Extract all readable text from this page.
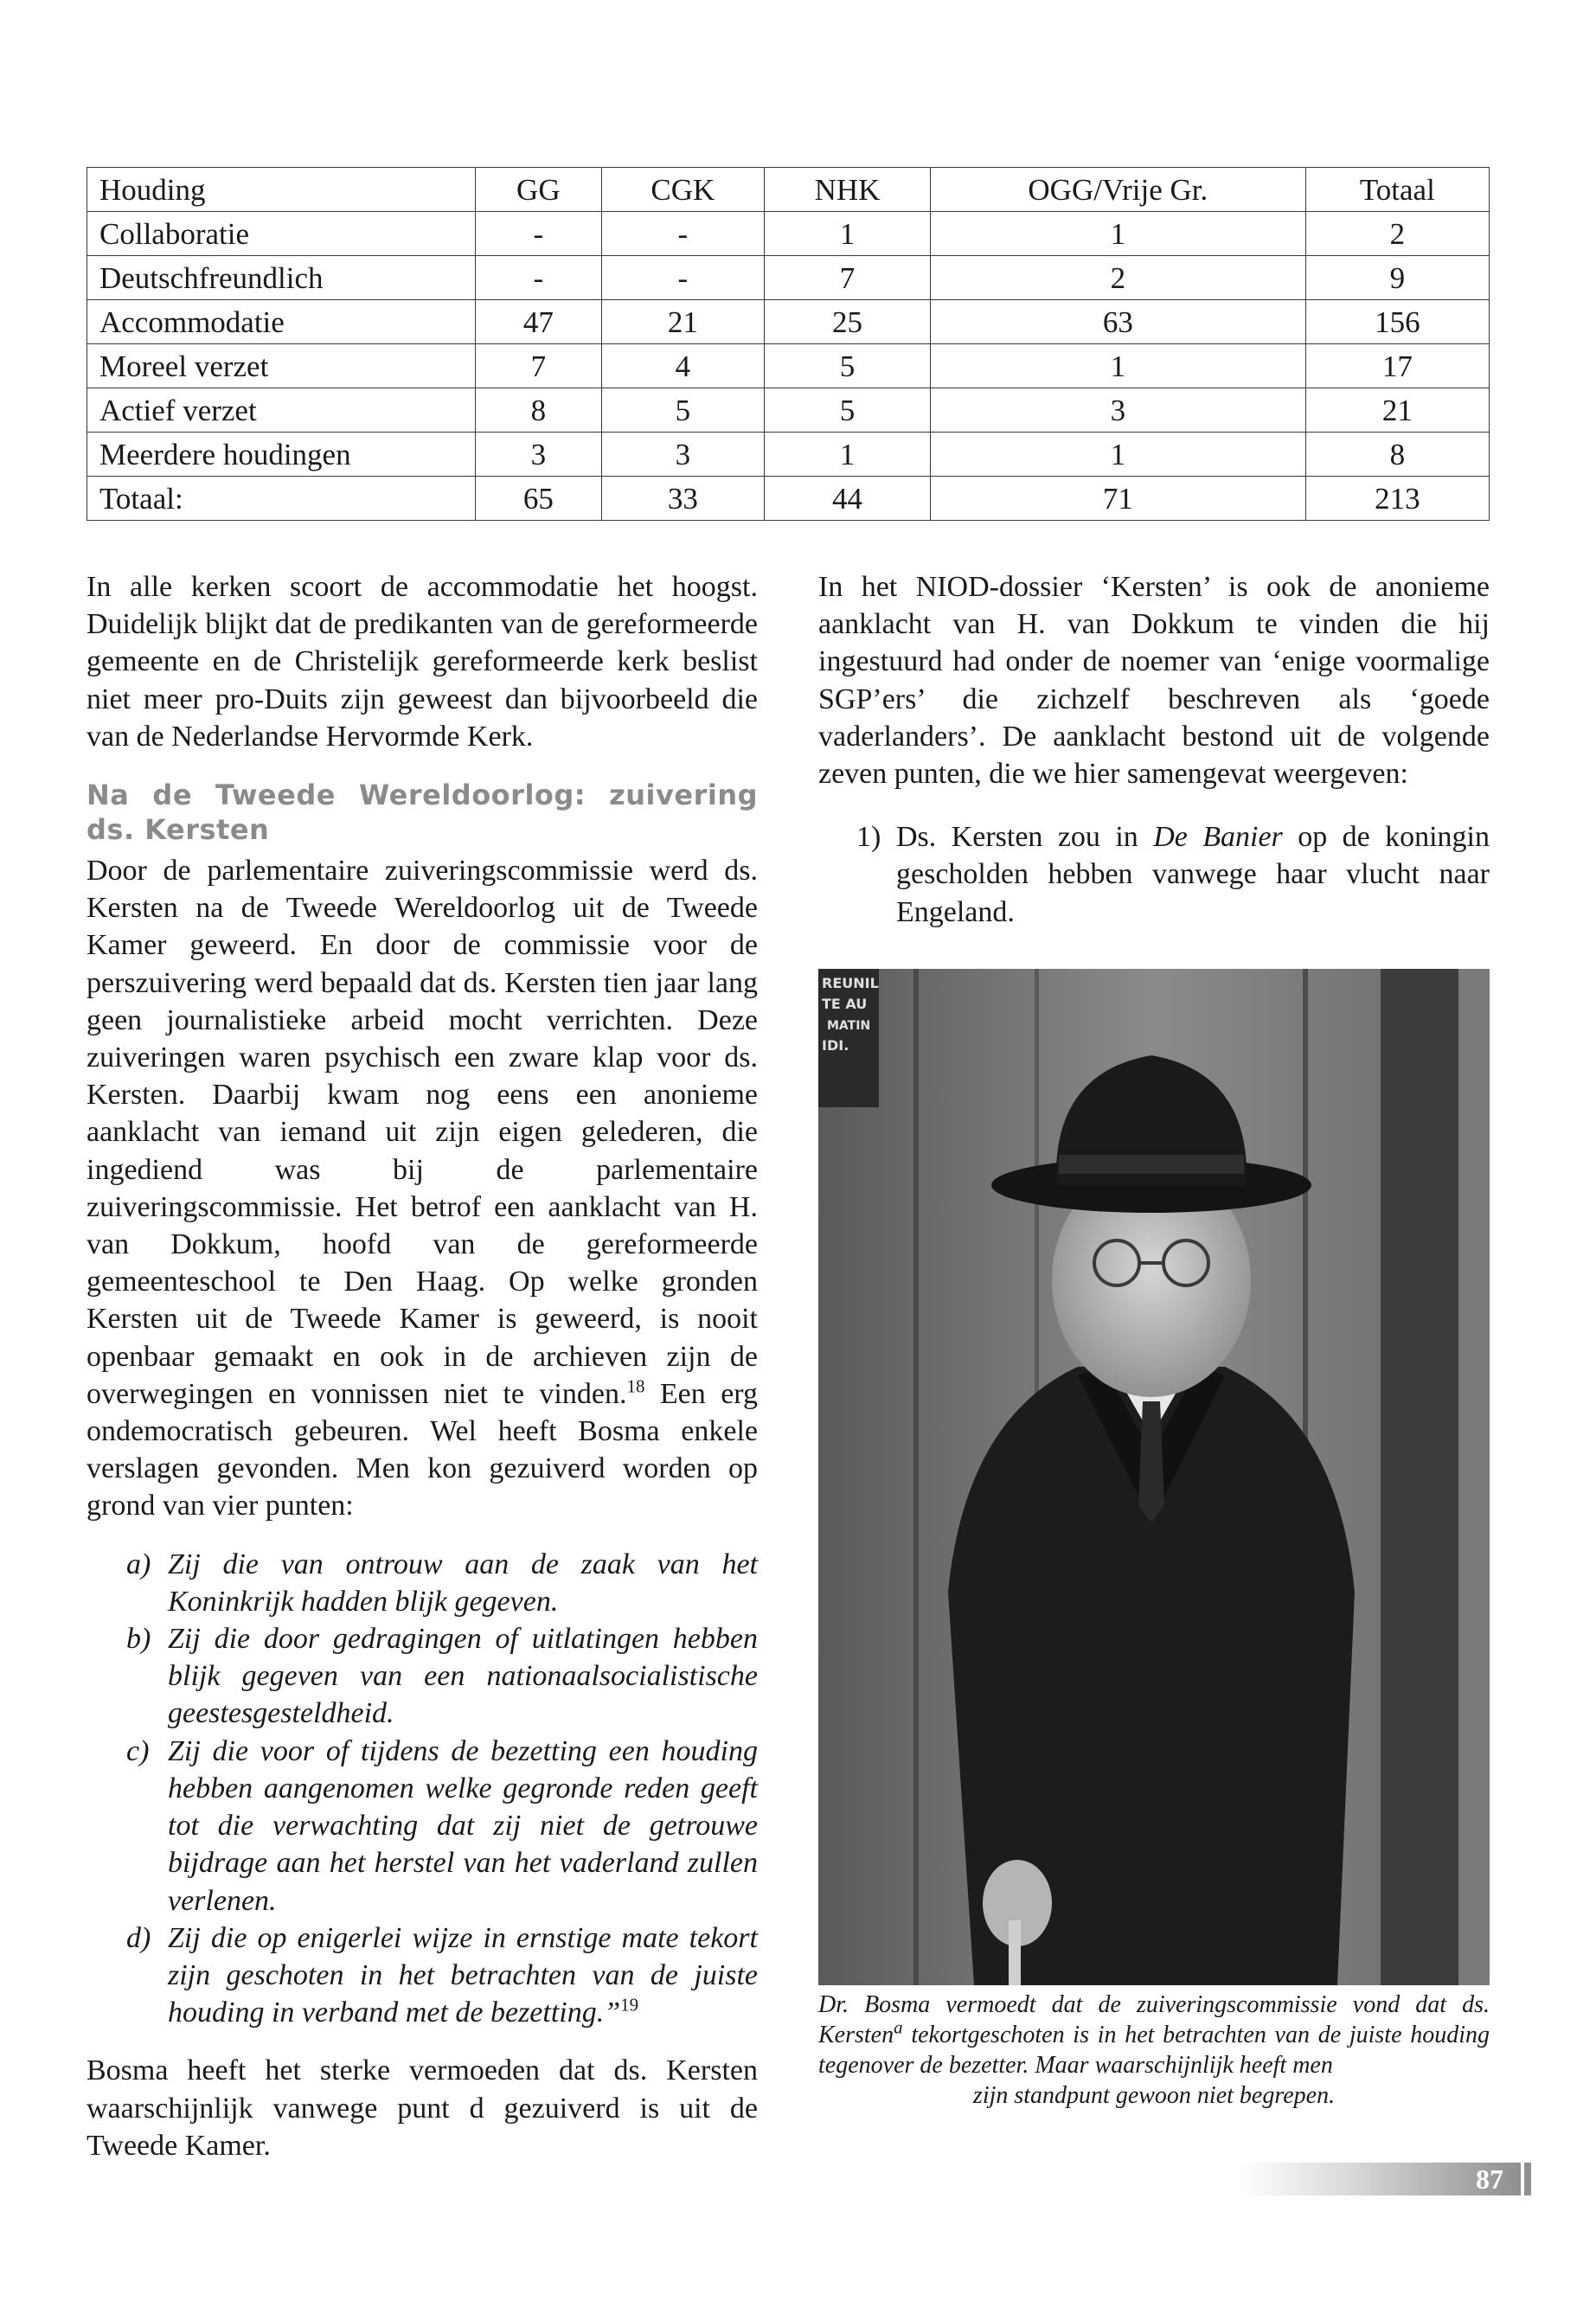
Houding	GG	CGK	NHK	OGG/Vrije Gr.	Totaal
Collaboratie	-	-	1	1	2
Deutschfreundlich	-	-	7	2	9
Accommodatie	47	21	25	63	156
Moreel verzet	7	4	5	1	17
Actief verzet	8	5	5	3	21
Meerdere houdingen	3	3	1	1	8
Totaal:	65	33	44	71	213

In alle kerken scoort de accommodatie het hoogst. Duidelijk blijkt dat de predikanten van de gereformeerde gemeente en de Christelijk gereformeerde kerk beslist niet meer pro-Duits zijn geweest dan bijvoorbeeld die van de Nederlandse Hervormde Kerk.

Na de Tweede Wereldoorlog: zuivering ds. Kersten

Door de parlementaire zuiveringscommissie werd ds. Kersten na de Tweede Wereldoorlog uit de Tweede Kamer geweerd. En door de commissie voor de perszuivering werd bepaald dat ds. Kersten tien jaar lang geen journalistieke arbeid mocht verrichten. Deze zuiveringen waren psychisch een zware klap voor ds. Kersten. Daarbij kwam nog eens een anonieme aanklacht van iemand uit zijn eigen gelederen, die ingediend was bij de parlementaire zuiveringscommissie. Het betrof een aanklacht van H. van Dokkum, hoofd van de gereformeerde gemeenteschool te Den Haag. Op welke gronden Kersten uit de Tweede Kamer is geweerd, is nooit openbaar gemaakt en ook in de archieven zijn de overwegingen en vonnissen niet te vinden.$^{18}$ Een erg ondemocratisch gebeuren. Wel heeft Bosma enkele verslagen gevonden. Men kon gezuiverd worden op grond van vier punten:

a) Zij die van ontrouw aan de zaak van het Koninkrijk hadden blijk gegeven.
b) Zij die door gedragingen of uitlatingen hebben blijk gegeven van een nationaalsocialistische geestesgesteldheid.
c) Zij die voor of tijdens de bezetting een houding hebben aangenomen welke gegronde reden geeft tot die verwachting dat zij niet de getrouwe bijdrage aan het herstel van het vaderland zullen verlenen.
d) Zij die op enigerlei wijze in ernstige mate tekort zijn geschoten in het betrachten van de juiste houding in verband met de bezetting.”$^{19}$

Bosma heeft het sterke vermoeden dat ds. Kersten waarschijnlijk vanwege punt d gezuiverd is uit de Tweede Kamer.

In het NIOD-dossier ‘Kersten’ is ook de anonieme aanklacht van H. van Dokkum te vinden die hij ingestuurd had onder de noemer van ‘enige voormalige SGP’ers’ die zichzelf beschreven als ‘goede vaderlanders’. De aanklacht bestond uit de volgende zeven punten, die we hier samengevat weergeven:

1) Ds. Kersten zou in De Banier op de koningin gescholden hebben vanwege haar vlucht naar Engeland.
REUNIL
TE AU
MATIN
IDI.
Dr. Bosma vermoedt dat de zuiveringscommissie vond dat ds. Kersten$^a$ tekortgeschoten is in het betrachten van de juiste houding tegenover de bezetter. Maar waarschijnlijk heeft men
zijn standpunt gewoon niet begrepen.
87
